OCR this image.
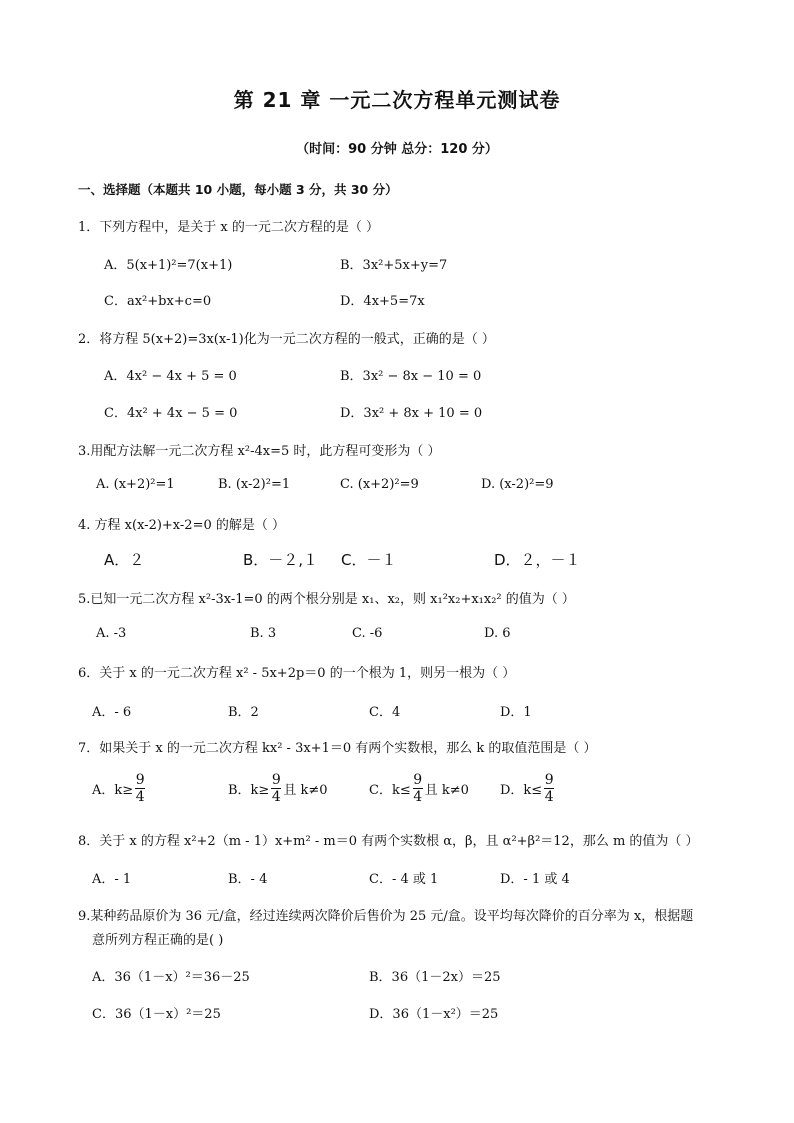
第 21 章 一元二次方程单元测试卷
（时间：90 分钟 总分：120 分）
一、选择题（本题共 10 小题，每小题 3 分，共 30 分）
1．下列方程中，是关于 x 的一元二次方程的是（ ）
A．5(x+1)²=7(x+1)	B．3x²+5x+y=7
C．ax²+bx+c=0	D．4x+5=7x
2．将方程 5(x+2)=3x(x-1)化为一元二次方程的一般式，正确的是（ ）
A．4x² − 4x + 5 = 0	B．3x² − 8x − 10 = 0
C．4x² + 4x − 5 = 0	D．3x² + 8x + 10 = 0
3.用配方法解一元二次方程 x²-4x=5 时，此方程可变形为（ ）
A. (x+2)²=1	B. (x-2)²=1	C. (x+2)²=9	D. (x-2)²=9
4. 方程 x(x-2)+x-2=0 的解是（ ）
A．２	B．－２,１ C．－１	D．２，－１
5.已知一元二次方程 x²-3x-1=0 的两个根分别是 x₁、x₂，则 x₁²x₂+x₁x₂² 的值为（ ）
A. -3	B. 3	C. -6	D. 6
6．关于 x 的一元二次方程 x² - 5x+2p＝0 的一个根为 1，则另一根为（ ）
A．- 6	B．2	C．4	D．1
7．如果关于 x 的一元二次方程 kx² - 3x+1＝0 有两个实数根，那么 k 的取值范围是（ ）
A．$k\ge \frac{9}{4}$	B．$k\ge \frac{9}{4}$ 且 k≠0	C．$k\le \frac{9}{4}$ 且 k≠0 D．$k\le \frac{9}{4}$
8．关于 x 的方程 x²+2（m - 1）x+m² - m＝0 有两个实数根 α，β，且 α²+β²＝12，那么 m 的值为（ ）
A．- 1	B．- 4	C．- 4 或 1	D．- 1 或 4
9.某种药品原价为 36 元/盒，经过连续两次降价后售价为 25 元/盒。设平均每次降价的百分率为 x，根据题
意所列方程正确的是( )
A．36（1－x）²＝36－25	B．36（1－2x）＝25
C．36（1－x）²＝25	D．36（1－x²）＝25
